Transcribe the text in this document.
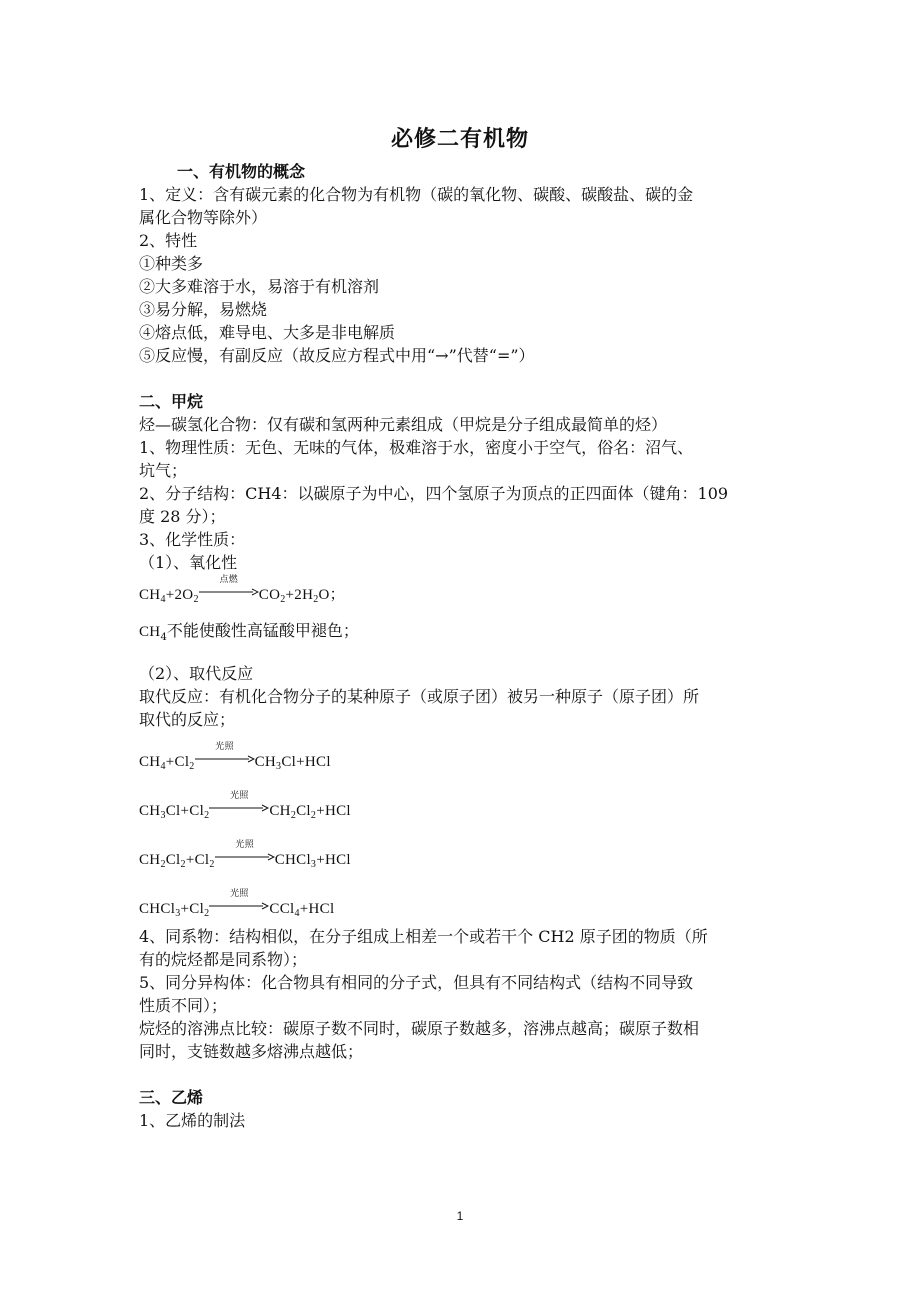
必修二有机物
一、有机物的概念
1、定义：含有碳元素的化合物为有机物（碳的氧化物、碳酸、碳酸盐、碳的金
属化合物等除外）
2、特性
①种类多
②大多难溶于水，易溶于有机溶剂
③易分解，易燃烧
④熔点低，难导电、大多是非电解质
⑤反应慢，有副反应（故反应方程式中用“→”代替“=”）
二、甲烷
烃—碳氢化合物：仅有碳和氢两种元素组成（甲烷是分子组成最简单的烃）
1、物理性质：无色、无味的气体，极难溶于水，密度小于空气，俗名：沼气、
坑气；
2、分子结构：CH4：以碳原子为中心，四个氢原子为顶点的正四面体（键角：109
度 28 分）；
3、化学性质：
（1）、氧化性
$CH_4+2O_2$
点燃
$CO_2+2H_2O$；
$CH_4$不能使酸性高锰酸甲褪色；
（2）、取代反应
取代反应：有机化合物分子的某种原子（或原子团）被另一种原子（原子团）所
取代的反应；
$CH_4+Cl_2$
光照
$CH_3Cl+HCl$
$CH_3Cl+Cl_2$
光照
$CH_2Cl_2+HCl$
$CH_2Cl_2+Cl_2$
光照
CHCl$_3$+HCl
$CHCl_3+Cl_2$
光照
CCl$_4$+HCl
4、同系物：结构相似，在分子组成上相差一个或若干个 CH2 原子团的物质（所
有的烷烃都是同系物）；
5、同分异构体：化合物具有相同的分子式，但具有不同结构式（结构不同导致
性质不同）；
烷烃的溶沸点比较：碳原子数不同时，碳原子数越多，溶沸点越高；碳原子数相
同时，支链数越多熔沸点越低；
三、乙烯
1、乙烯的制法
1
